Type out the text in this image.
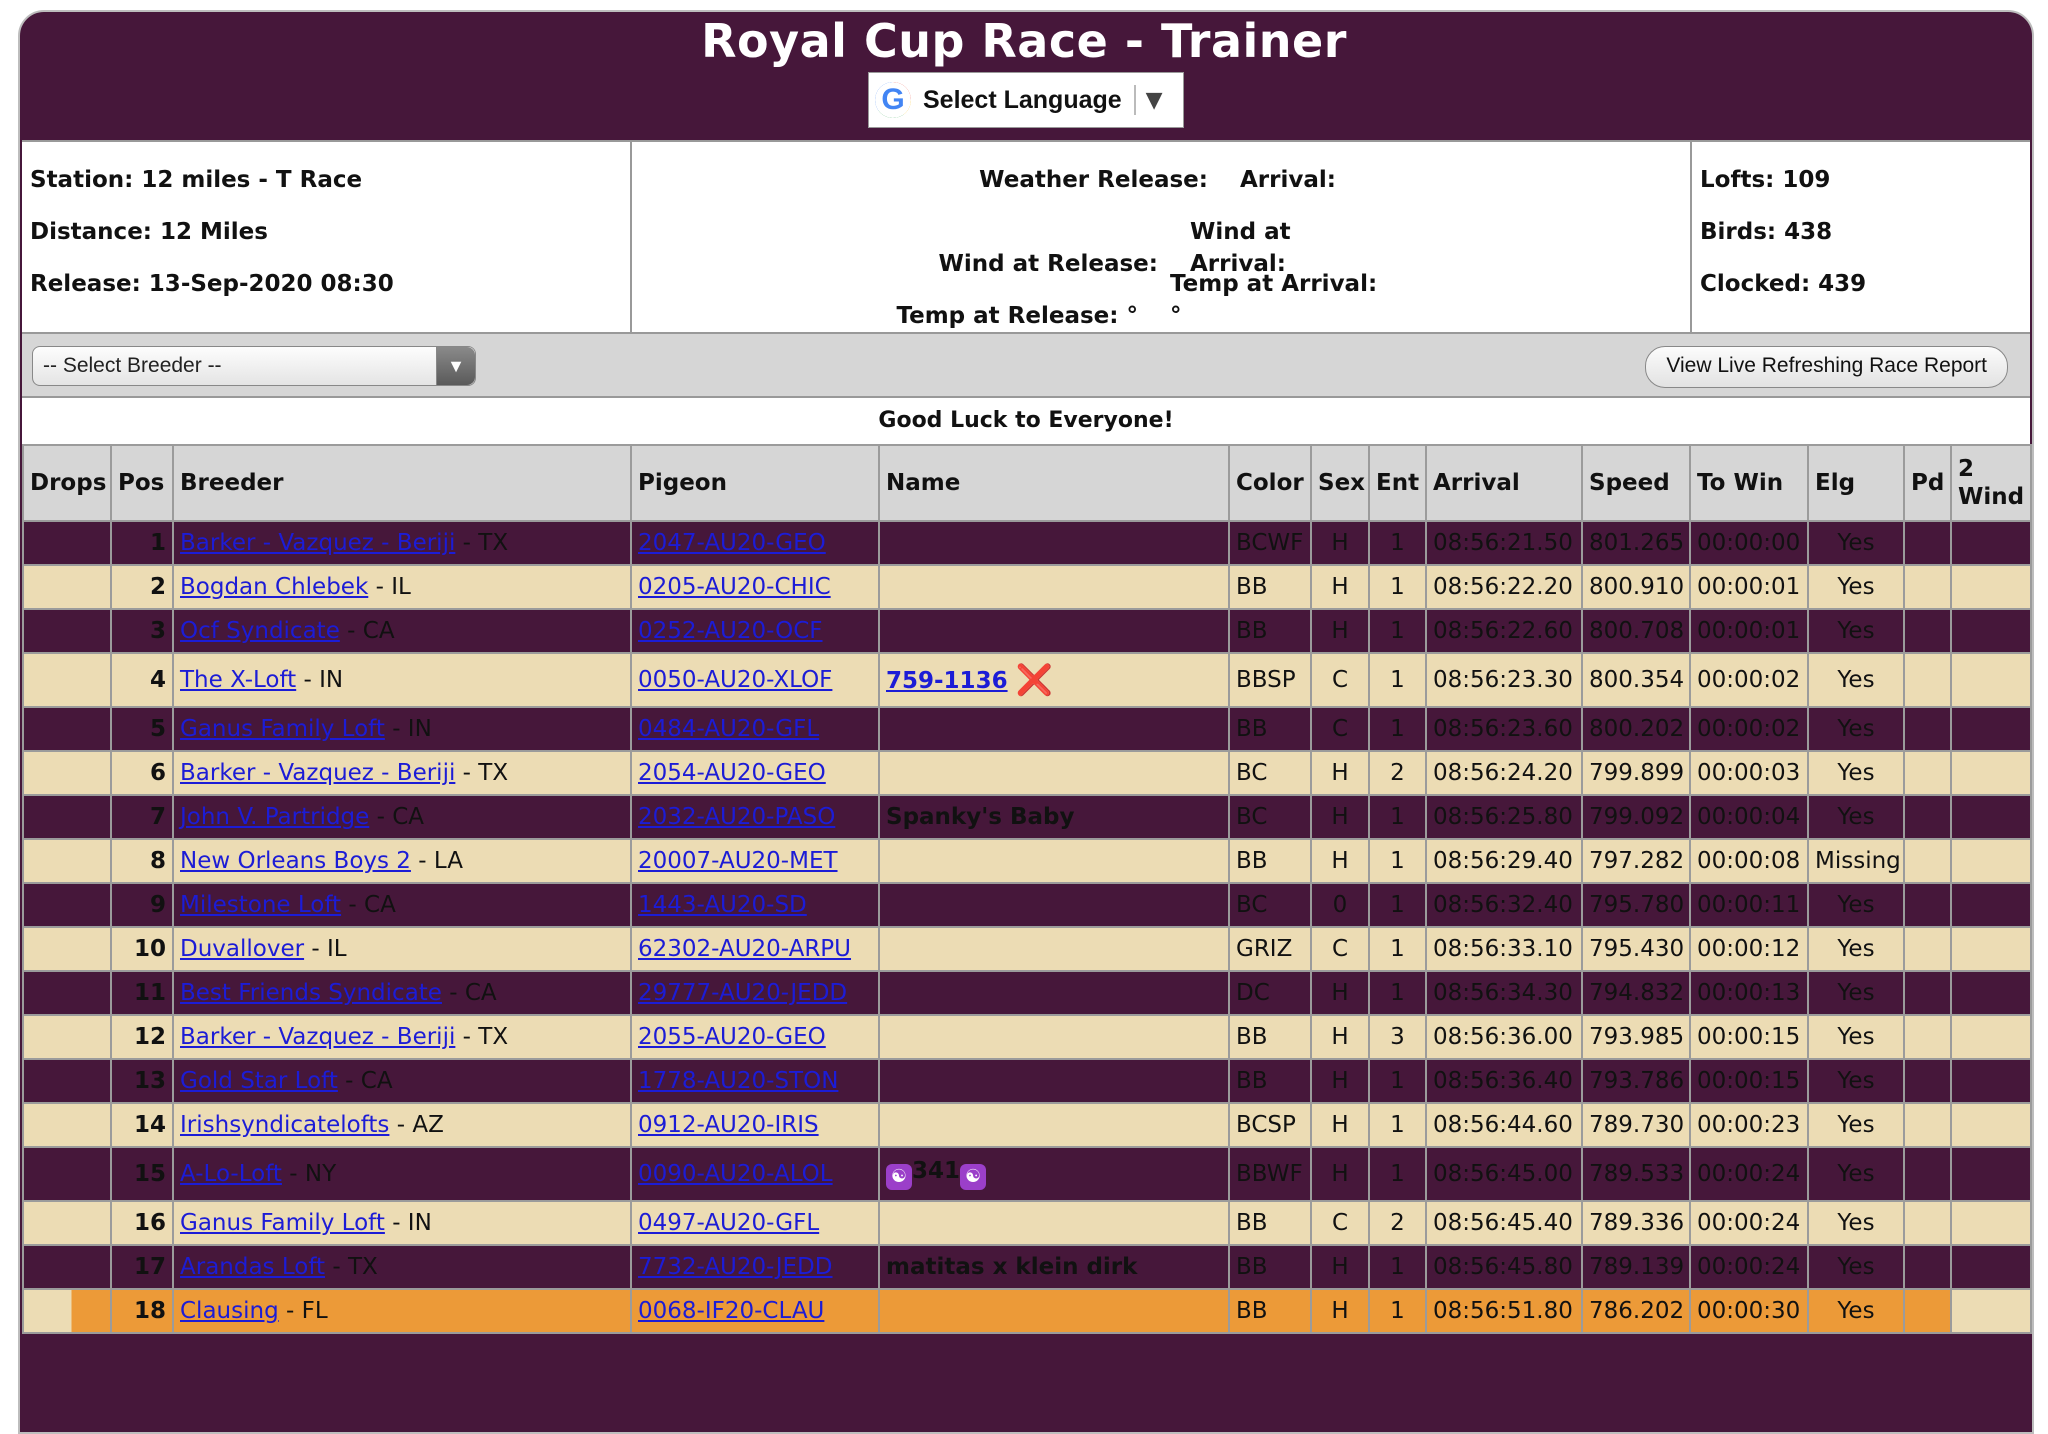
Royal Cup Race - Trainer
Select Language ▼
Station: 12 miles - T Race
Distance: 12 Miles
Release: 13-Sep-2020 08:30
Weather Release: Arrival:
Wind at Release:    Wind at Arrival:
Temp at Release: °    Temp at Arrival: °
Lofts: 109
Birds: 438
Clocked: 439
-- Select Breeder --	▼	View Live Refreshing Race Report
Good Luck to Everyone!
Drops	Pos	Breeder	Pigeon	Name	Color	Sex	Ent	Arrival	Speed	To Win	Elg	Pd	2
Wind
	1	Barker - Vazquez - Beriji - TX	2047-AU20-GEO		BCWF	H	1	08:56:21.50	801.265	00:00:00	Yes		
	2	Bogdan Chlebek - IL	0205-AU20-CHIC		BB	H	1	08:56:22.20	800.910	00:00:01	Yes		
	3	Ocf Syndicate - CA	0252-AU20-OCF		BB	H	1	08:56:22.60	800.708	00:00:01	Yes		
	4	The X-Loft - IN	0050-AU20-XLOF	759-1136 ❌	BBSP	C	1	08:56:23.30	800.354	00:00:02	Yes		
	5	Ganus Family Loft - IN	0484-AU20-GFL		BB	C	1	08:56:23.60	800.202	00:00:02	Yes		
	6	Barker - Vazquez - Beriji - TX	2054-AU20-GEO		BC	H	2	08:56:24.20	799.899	00:00:03	Yes		
	7	John V. Partridge - CA	2032-AU20-PASO	Spanky's Baby	BC	H	1	08:56:25.80	799.092	00:00:04	Yes		
	8	New Orleans Boys 2 - LA	20007-AU20-MET		BB	H	1	08:56:29.40	797.282	00:00:08	Missing		
	9	Milestone Loft - CA	1443-AU20-SD		BC	0	1	08:56:32.40	795.780	00:00:11	Yes		
	10	Duvallover - IL	62302-AU20-ARPU		GRIZ	C	1	08:56:33.10	795.430	00:00:12	Yes		
	11	Best Friends Syndicate - CA	29777-AU20-JEDD		DC	H	1	08:56:34.30	794.832	00:00:13	Yes		
	12	Barker - Vazquez - Beriji - TX	2055-AU20-GEO		BB	H	3	08:56:36.00	793.985	00:00:15	Yes		
	13	Gold Star Loft - CA	1778-AU20-STON		BB	H	1	08:56:36.40	793.786	00:00:15	Yes		
	14	Irishsyndicatelofts - AZ	0912-AU20-IRIS		BCSP	H	1	08:56:44.60	789.730	00:00:23	Yes		
	15	A-Lo-Loft - NY	0090-AU20-ALOL	☯ 341 ☯	BBWF	H	1	08:56:45.00	789.533	00:00:24	Yes		
	16	Ganus Family Loft - IN	0497-AU20-GFL		BB	C	2	08:56:45.40	789.336	00:00:24	Yes		
	17	Arandas Loft - TX	7732-AU20-JEDD	matitas x klein dirk	BB	H	1	08:56:45.80	789.139	00:00:24	Yes		
	18	Clausing - FL	0068-IF20-CLAU		BB	H	1	08:56:51.80	786.202	00:00:30	Yes		
